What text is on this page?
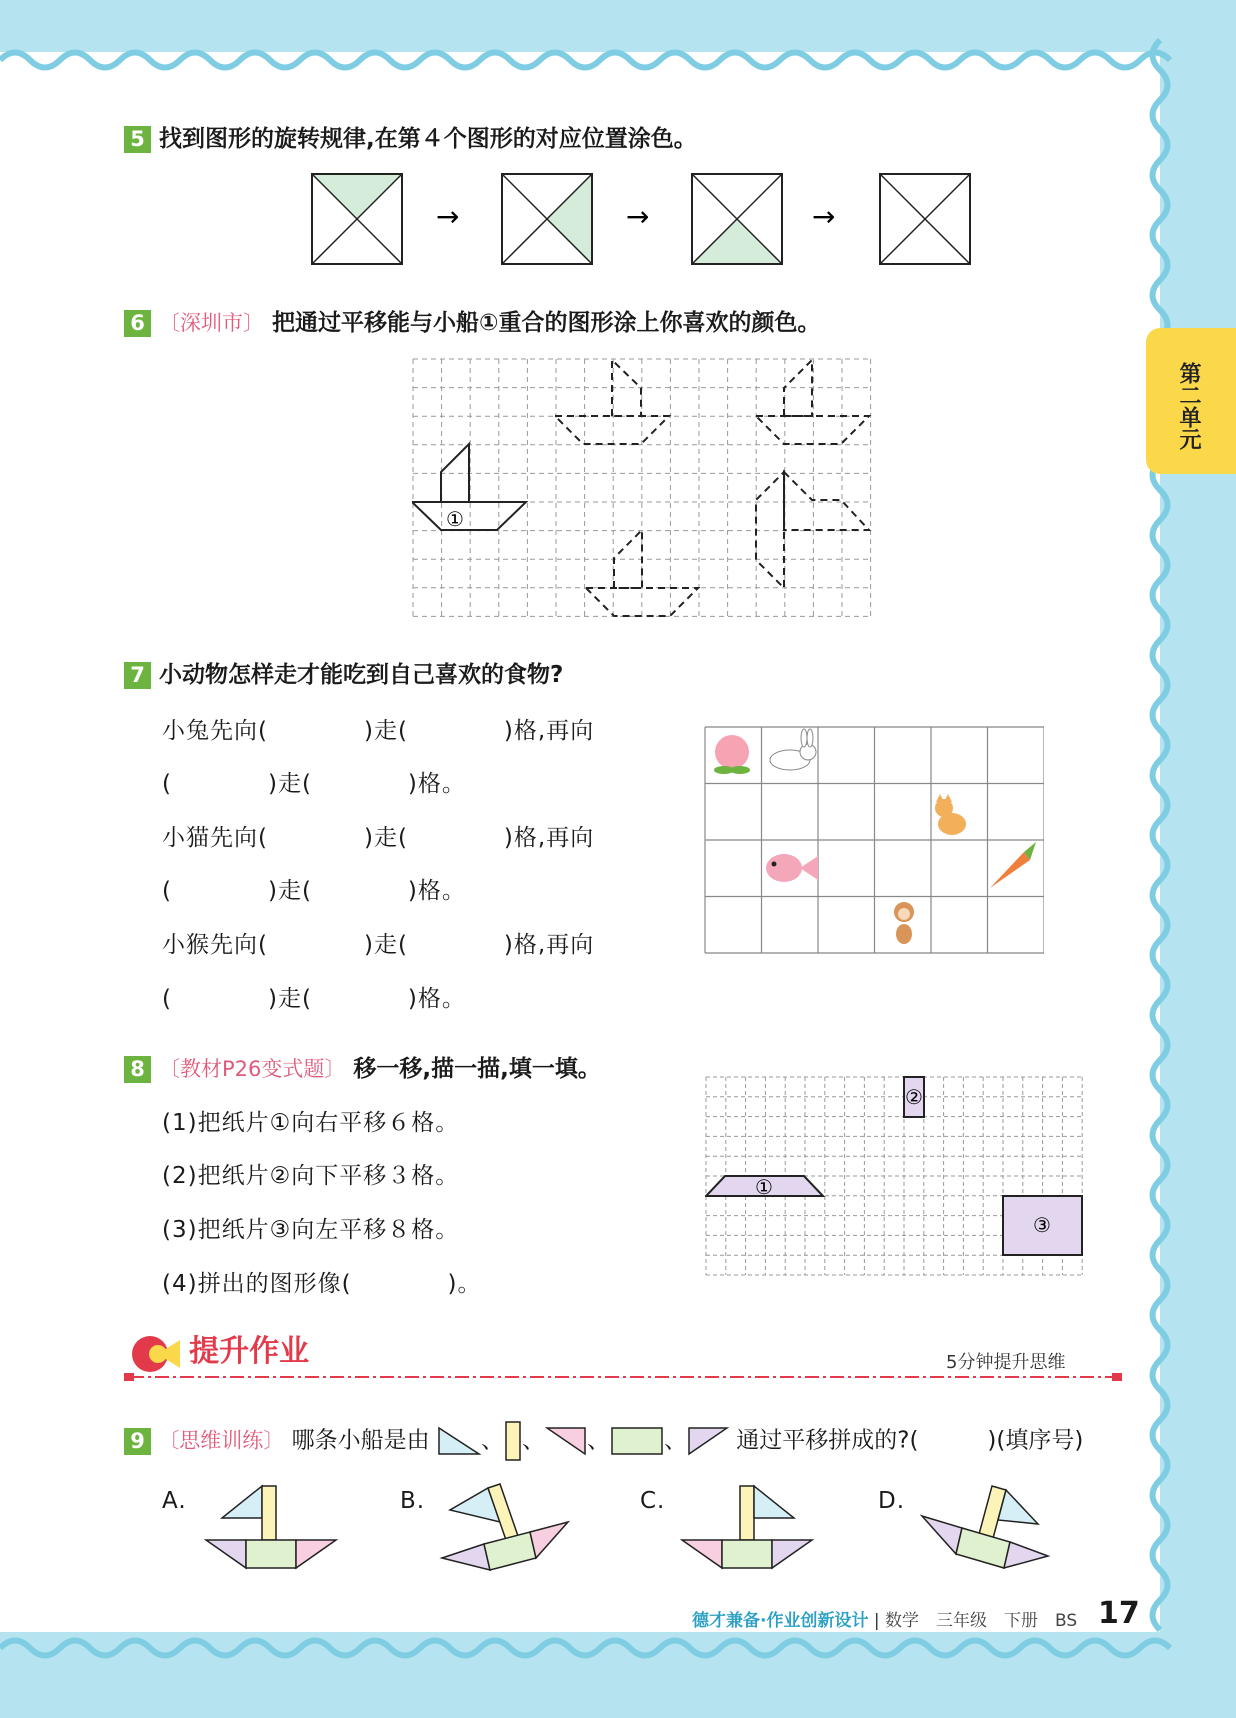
第二单元
5 找到图形的旋转规律,在第４个图形的对应位置涂色。
→	→	→
6 〔深圳市〕 把通过平移能与小船①重合的图形涂上你喜欢的颜色。
①
7 小动物怎样走才能吃到自己喜欢的食物?
小兔先向(　　　　)走(　　　　)格,再向
(　　　　)走(　　　　)格。
小猫先向(　　　　)走(　　　　)格,再向
(　　　　)走(　　　　)格。
小猴先向(　　　　)走(　　　　)格,再向
(　　　　)走(　　　　)格。
8 〔教材P26变式题〕 移一移,描一描,填一填。
(1)把纸片①向右平移６格。
(2)把纸片②向下平移３格。
(3)把纸片③向左平移８格。
(4)拼出的图形像(　　　　)。
①
②
③
提升作业	5分钟提升思维
9 〔思维训练〕 哪条小船是由 、 、 、 、 通过平移拼成的?(　　　)(填序号)
A.	B.	C.	D.
德才兼备·作业创新设计 | 数学　三年级　下册　BS 17
